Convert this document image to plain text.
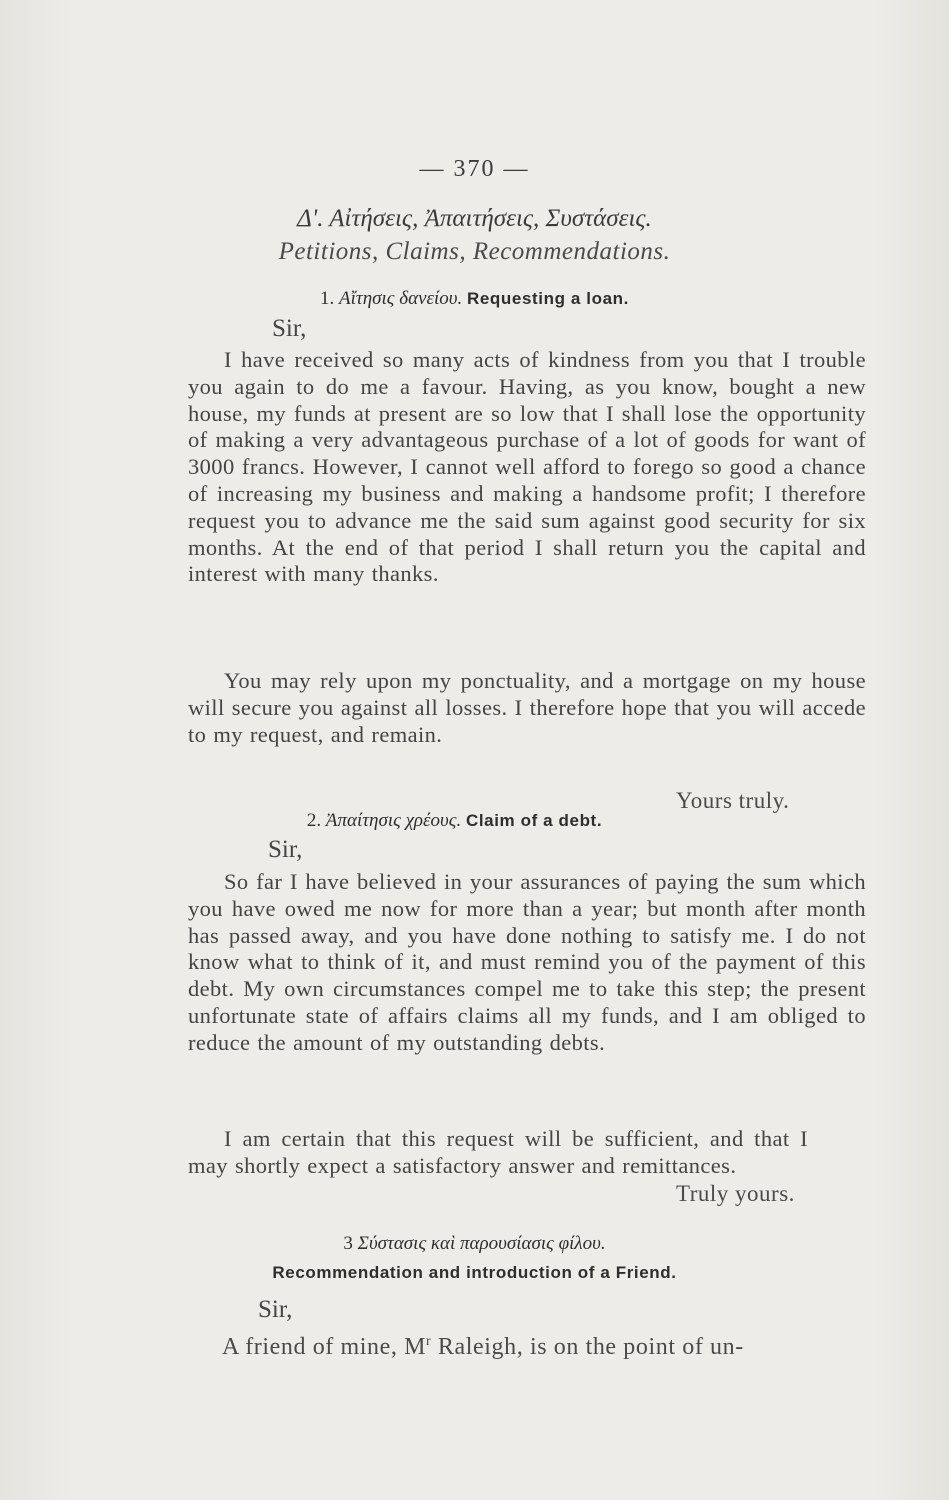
— 370 —
Δ'. Αἰτήσεις, Ἀπαιτήσεις, Συστάσεις.
Petitions, Claims, Recommendations.
1. Αἴτησις δανείου. Requesting a loan.
Sir,
I have received so many acts of kindness from you that I trouble you again to do me a favour. Having, as you know, bought a new house, my funds at present are so low that I shall lose the opportunity of making a very advantageous purchase of a lot of goods for want of 3000 francs. However, I cannot well afford to forego so good a chance of increasing my business and making a handsome profit; I therefore request you to advance me the said sum against good security for six months. At the end of that period I shall return you the capital and interest with many thanks.
You may rely upon my ponctuality, and a mortgage on my house will secure you against all losses. I therefore hope that you will accede to my request, and remain.
Yours truly.
2. Ἀπαίτησις χρέους. Claim of a debt.
Sir,
So far I have believed in your assurances of paying the sum which you have owed me now for more than a year; but month after month has passed away, and you have done nothing to satisfy me. I do not know what to think of it, and must remind you of the payment of this debt. My own circumstances compel me to take this step; the present unfortunate state of affairs claims all my funds, and I am obliged to reduce the amount of my outstanding debts.
I am certain that this request will be sufficient, and that I may shortly expect a satisfactory answer and remittances.
Truly yours.
3 Σύστασις καὶ παρουσίασις φίλου.
Recommendation and introduction of a Friend.
Sir,
A friend of mine, $M^r$ Raleigh, is on the point of un-
